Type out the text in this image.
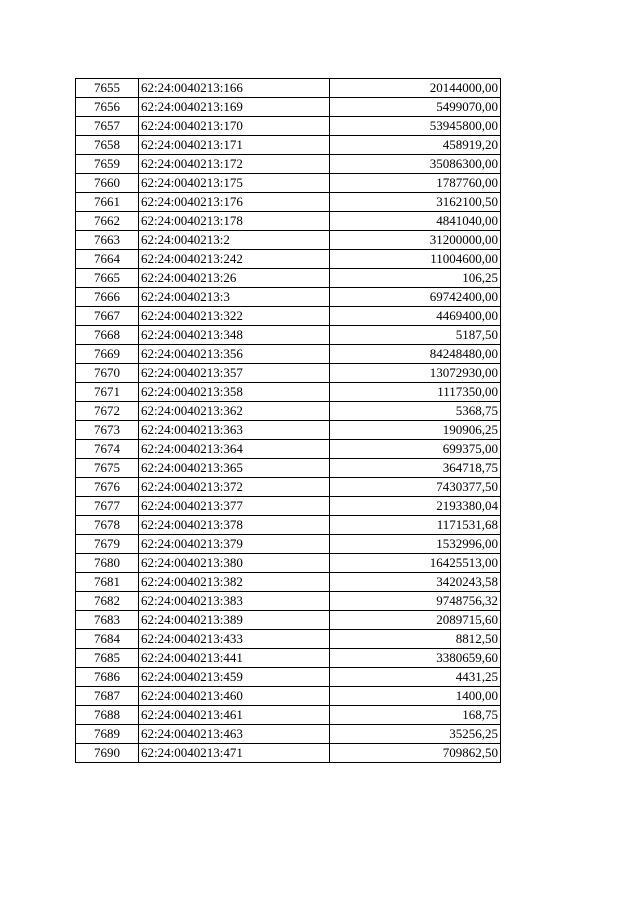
7655	62:24:0040213:166	20144000,00
7656	62:24:0040213:169	5499070,00
7657	62:24:0040213:170	53945800,00
7658	62:24:0040213:171	458919,20
7659	62:24:0040213:172	35086300,00
7660	62:24:0040213:175	1787760,00
7661	62:24:0040213:176	3162100,50
7662	62:24:0040213:178	4841040,00
7663	62:24:0040213:2	31200000,00
7664	62:24:0040213:242	11004600,00
7665	62:24:0040213:26	106,25
7666	62:24:0040213:3	69742400,00
7667	62:24:0040213:322	4469400,00
7668	62:24:0040213:348	5187,50
7669	62:24:0040213:356	84248480,00
7670	62:24:0040213:357	13072930,00
7671	62:24:0040213:358	1117350,00
7672	62:24:0040213:362	5368,75
7673	62:24:0040213:363	190906,25
7674	62:24:0040213:364	699375,00
7675	62:24:0040213:365	364718,75
7676	62:24:0040213:372	7430377,50
7677	62:24:0040213:377	2193380,04
7678	62:24:0040213:378	1171531,68
7679	62:24:0040213:379	1532996,00
7680	62:24:0040213:380	16425513,00
7681	62:24:0040213:382	3420243,58
7682	62:24:0040213:383	9748756,32
7683	62:24:0040213:389	2089715,60
7684	62:24:0040213:433	8812,50
7685	62:24:0040213:441	3380659,60
7686	62:24:0040213:459	4431,25
7687	62:24:0040213:460	1400,00
7688	62:24:0040213:461	168,75
7689	62:24:0040213:463	35256,25
7690	62:24:0040213:471	709862,50
